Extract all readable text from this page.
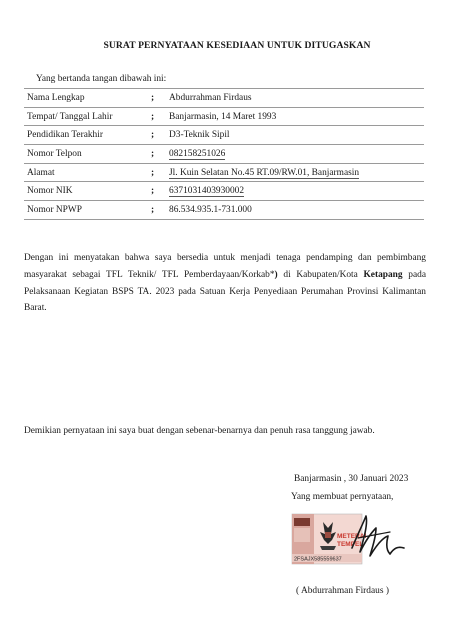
SURAT PERNYATAAN KESEDIAAN UNTUK DITUGASKAN
Yang bertanda tangan dibawah ini:
Nama Lengkap	;	Abdurrahman Firdaus
Tempat/ Tanggal Lahir	;	Banjarmasin, 14 Maret 1993
Pendidikan Terakhir	;	D3-Teknik Sipil
Nomor Telpon	;	082158251026
Alamat	;	Jl. Kuin Selatan No.45 RT.09/RW.01, Banjarmasin
Nomor NIK	;	6371031403930002
Nomor NPWP	;	86.534.935.1-731.000
Dengan ini menyatakan bahwa saya bersedia untuk menjadi tenaga pendamping dan pembimbang masyarakat sebagai TFL Teknik/ TFL Pemberdayaan/Korkab*) di Kabupaten/Kota Ketapang pada Pelaksanaan Kegiatan BSPS TA. 2023 pada Satuan Kerja Penyediaan Perumahan Provinsi Kalimantan Barat.
Demikian pernyataan ini saya buat dengan sebenar-benarnya dan penuh rasa tanggung jawab.
Banjarmasin , 30 Januari 2023
Yang membuat pernyataan,
METERAI
TEMPEL
2FSAJX585559637
( Abdurrahman Firdaus )
